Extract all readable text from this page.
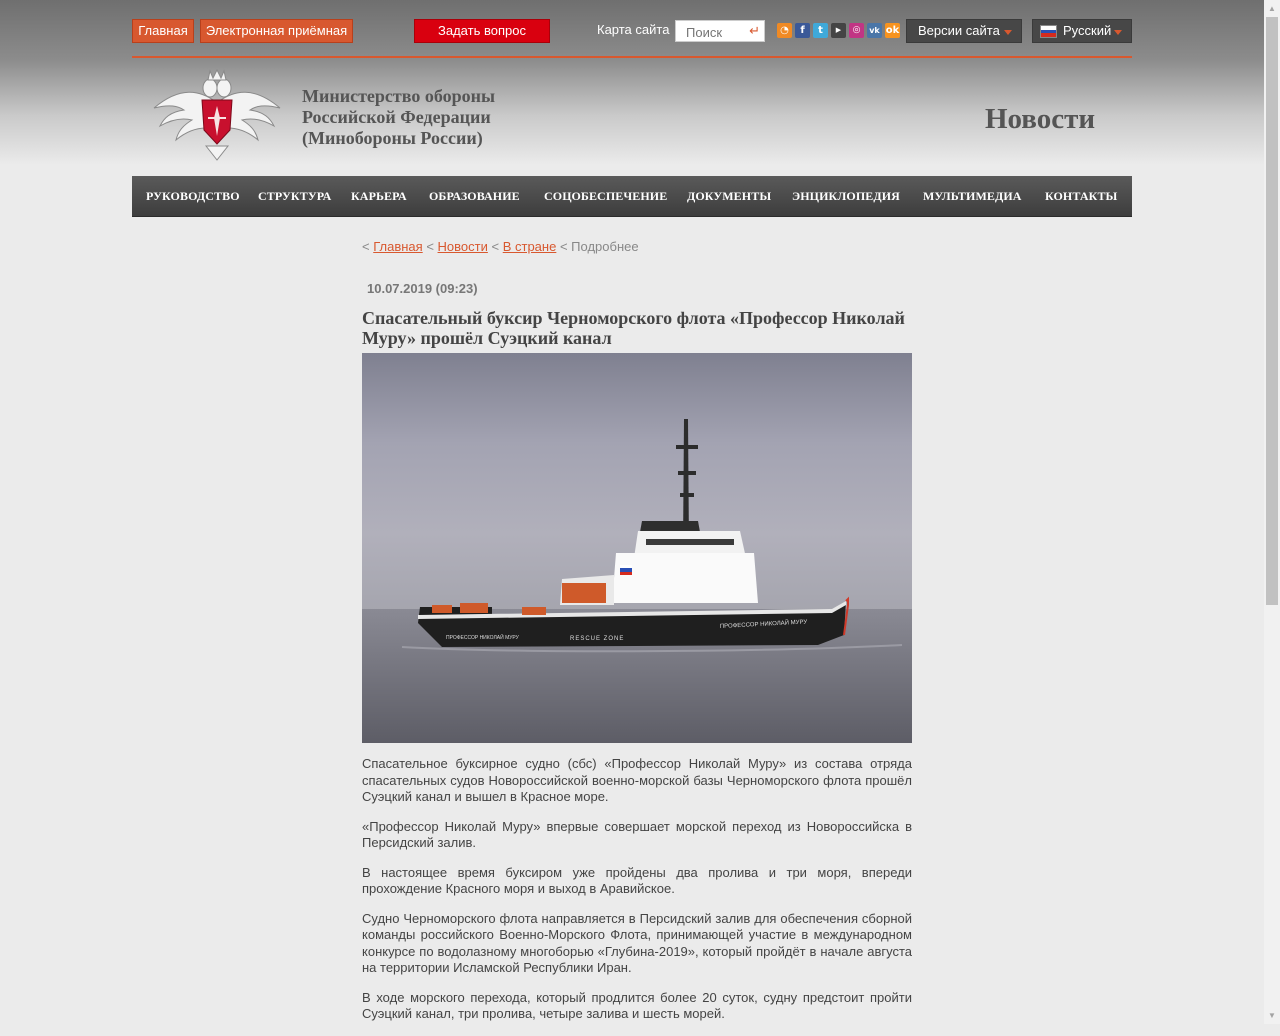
Главная	Электронная приёмная	Задать вопрос	Карта сайта
Поиск	↵	◔	f	t	▶	◎	vk ok	Версии сайта	Русский
Министерство обороны
Российской Федерации
(Минобороны России)
Новости
РУКОВОДСТВО СТРУКТУРА КАРЬЕРА ОБРАЗОВАНИЕ СОЦОБЕСПЕЧЕНИЕ ДОКУМЕНТЫ ЭНЦИКЛОПЕДИЯ МУЛЬТИМЕДИА КОНТАКТЫ
< Главная < Новости < В стране < Подробнее
10.07.2019 (09:23)
Спасательный буксир Черноморского флота «Профессор Николай Муру» прошёл Суэцкий канал
ПРОФЕССОР НИКОЛАЙ МУРУ	RESCUE ZONE
ПРОФЕССОР НИКОЛАЙ МУРУ

Спасательное буксирное судно (сбс) «Профессор Николай Муру» из состава отряда спасательных судов Новороссийской военно-морской базы Черноморского флота прошёл Суэцкий канал и вышел в Красное море.

«Профессор Николай Муру» впервые совершает морской переход из Новороссийска в Персидский залив.

В настоящее время буксиром уже пройдены два пролива и три моря, впереди прохождение Красного моря и выход в Аравийское.

Судно Черноморского флота направляется в Персидский залив для обеспечения сборной команды российского Военно-Морского Флота, принимающей участие в международном конкурсе по водолазному многоборью «Глубина-2019», который пройдёт в начале августа на территории Исламской Республики Иран.

В ходе морского перехода, который продлится более 20 суток, судну предстоит пройти Суэцкий канал, три пролива, четыре залива и шесть морей.

▲
▼
